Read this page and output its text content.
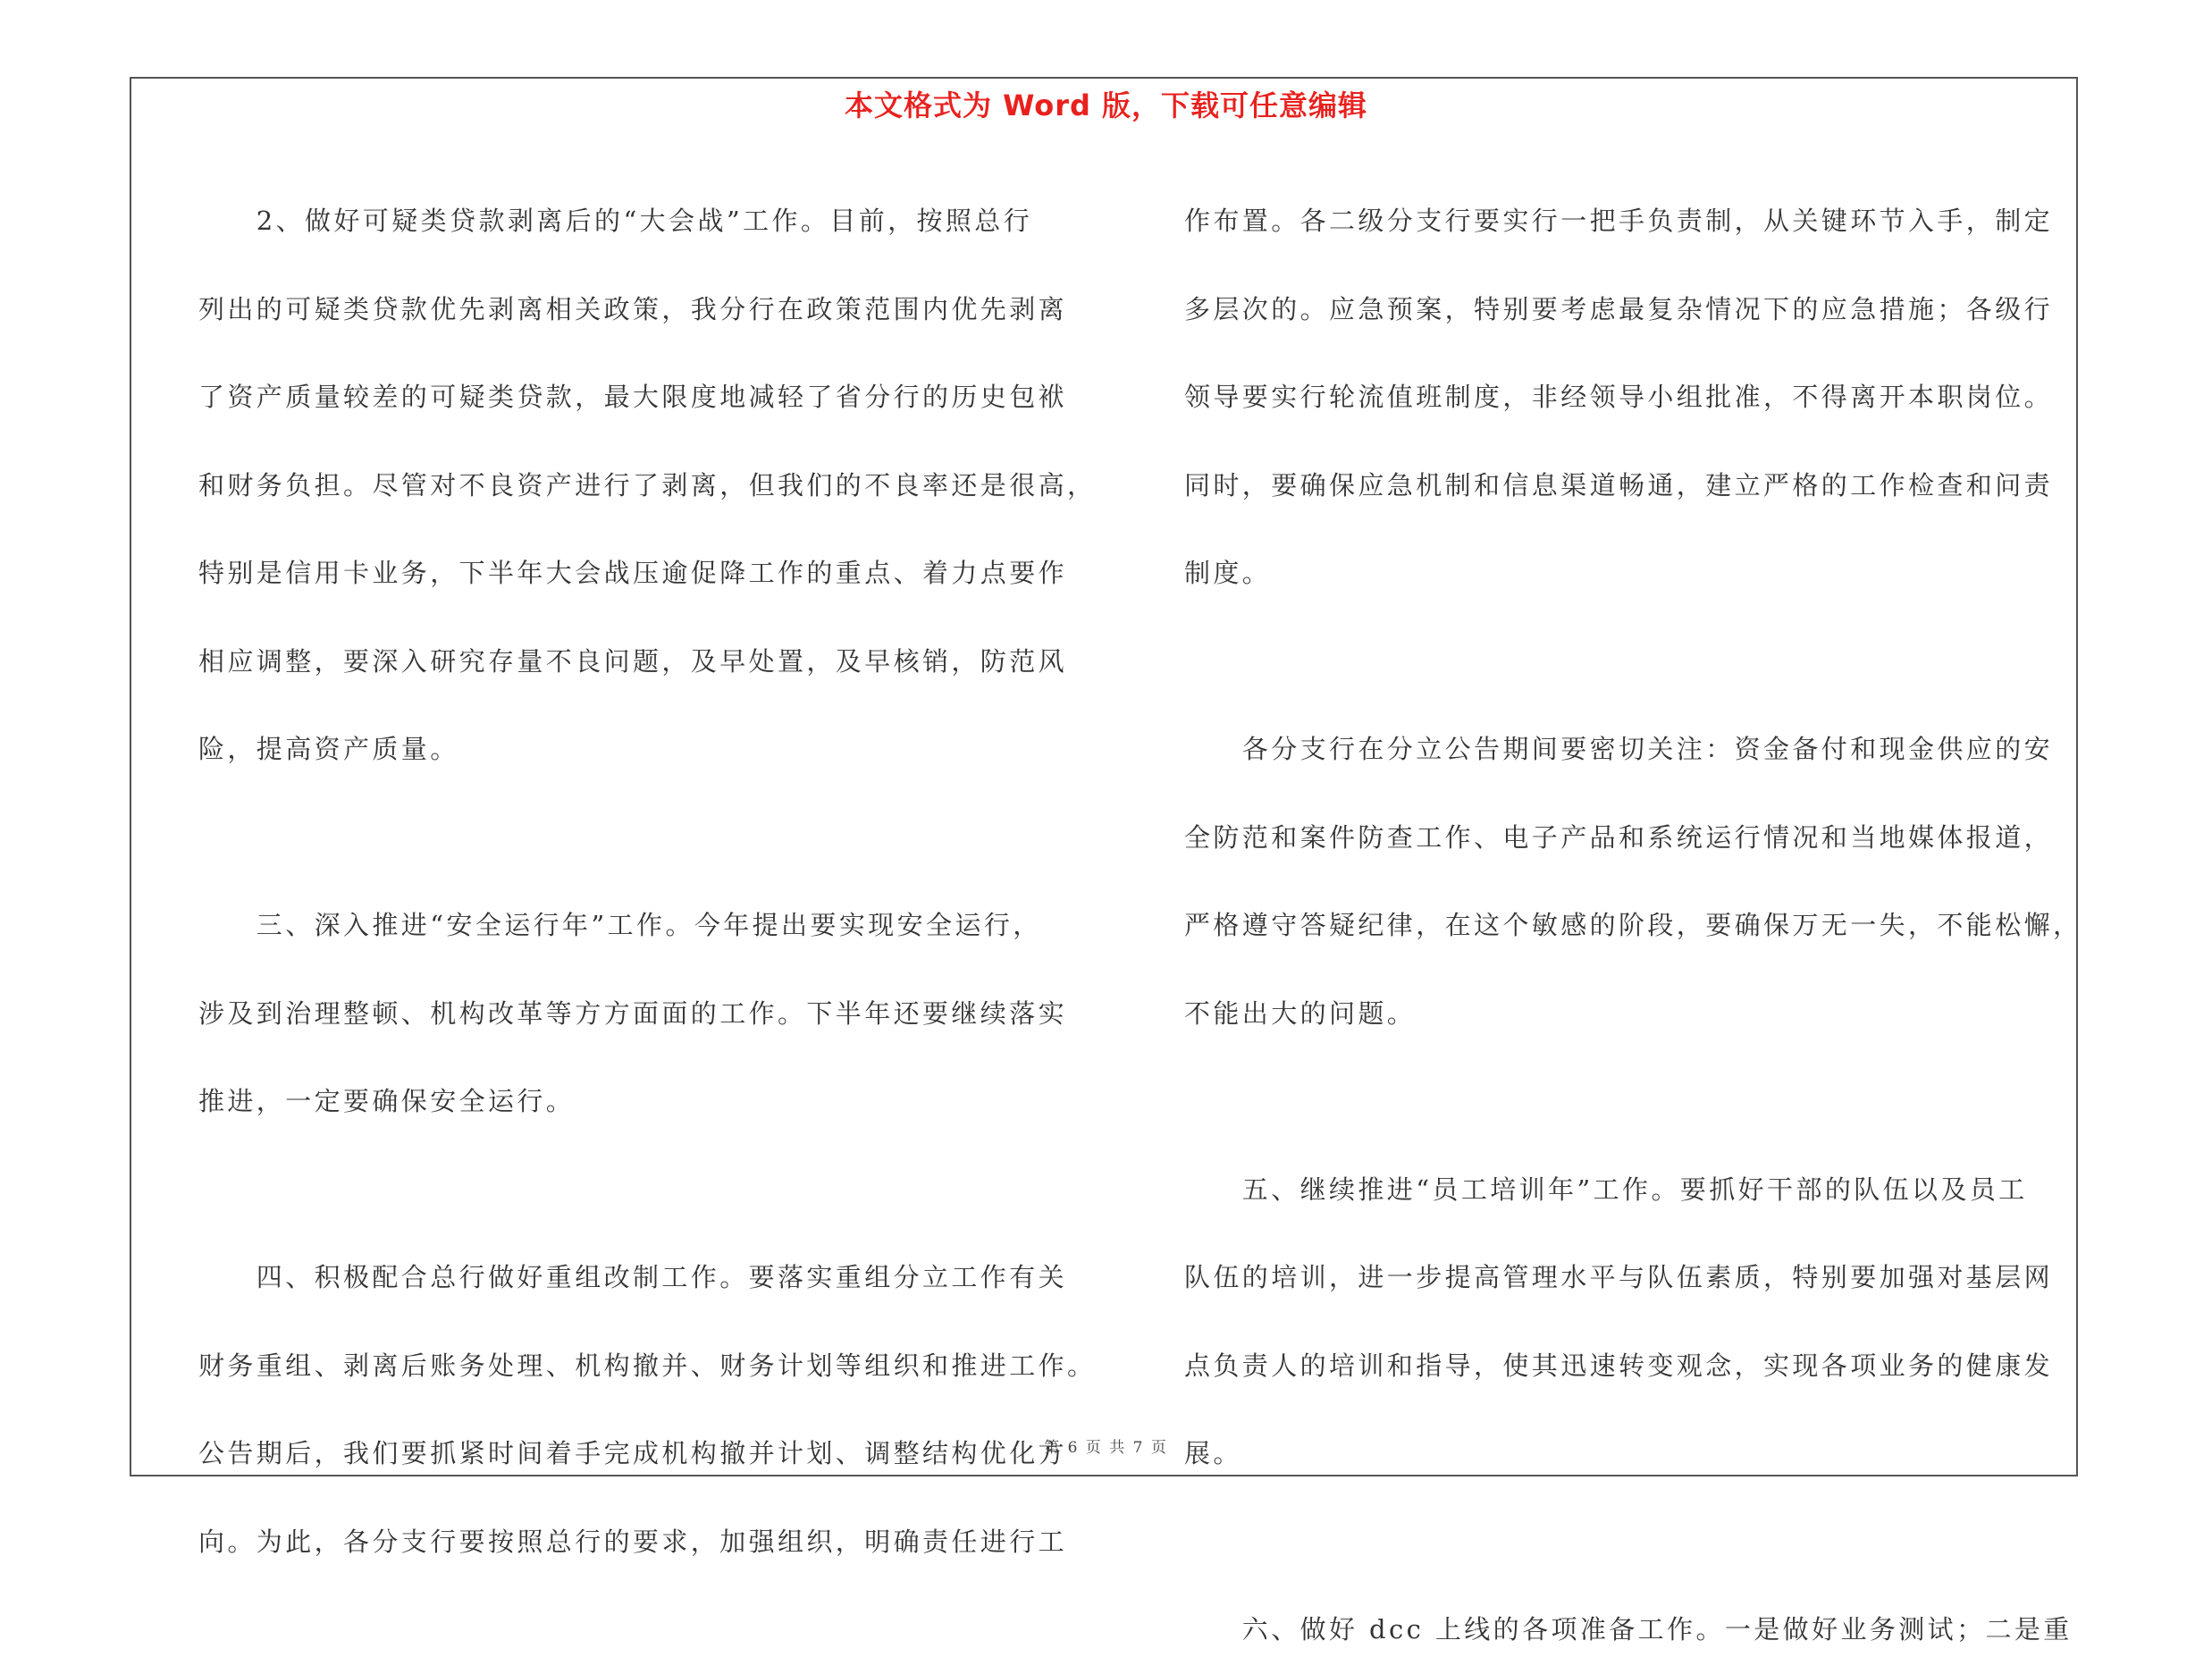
本文格式为 Word 版，下载可任意编辑
　　2、做好可疑类贷款剥离后的“大会战”工作。目前，按照总行
列出的可疑类贷款优先剥离相关政策，我分行在政策范围内优先剥离
了资产质量较差的可疑类贷款，最大限度地减轻了省分行的历史包袱
和财务负担。尽管对不良资产进行了剥离，但我们的不良率还是很高，
特别是信用卡业务，下半年大会战压逾促降工作的重点、着力点要作
相应调整，要深入研究存量不良问题，及早处置，及早核销，防范风
险，提高资产质量。
　　三、深入推进“安全运行年”工作。今年提出要实现安全运行，
涉及到治理整顿、机构改革等方方面面的工作。下半年还要继续落实
推进，一定要确保安全运行。
　　四、积极配合总行做好重组改制工作。要落实重组分立工作有关
财务重组、剥离后账务处理、机构撤并、财务计划等组织和推进工作。
公告期后，我们要抓紧时间着手完成机构撤并计划、调整结构优化方
向。为此，各分支行要按照总行的要求，加强组织，明确责任进行工
作布置。各二级分支行要实行一把手负责制，从关键环节入手，制定
多层次的。应急预案，特别要考虑最复杂情况下的应急措施；各级行
领导要实行轮流值班制度，非经领导小组批准，不得离开本职岗位。
同时，要确保应急机制和信息渠道畅通，建立严格的工作检查和问责
制度。
　　各分支行在分立公告期间要密切关注：资金备付和现金供应的安
全防范和案件防查工作、电子产品和系统运行情况和当地媒体报道，
严格遵守答疑纪律，在这个敏感的阶段，要确保万无一失，不能松懈，
不能出大的问题。
　　五、继续推进“员工培训年”工作。要抓好干部的队伍以及员工
队伍的培训，进一步提高管理水平与队伍素质，特别要加强对基层网
点负责人的培训和指导，使其迅速转变观念，实现各项业务的健康发
展。
　　六、做好 dcc 上线的各项准备工作。一是做好业务测试；二是重
第 6 页 共 7 页
